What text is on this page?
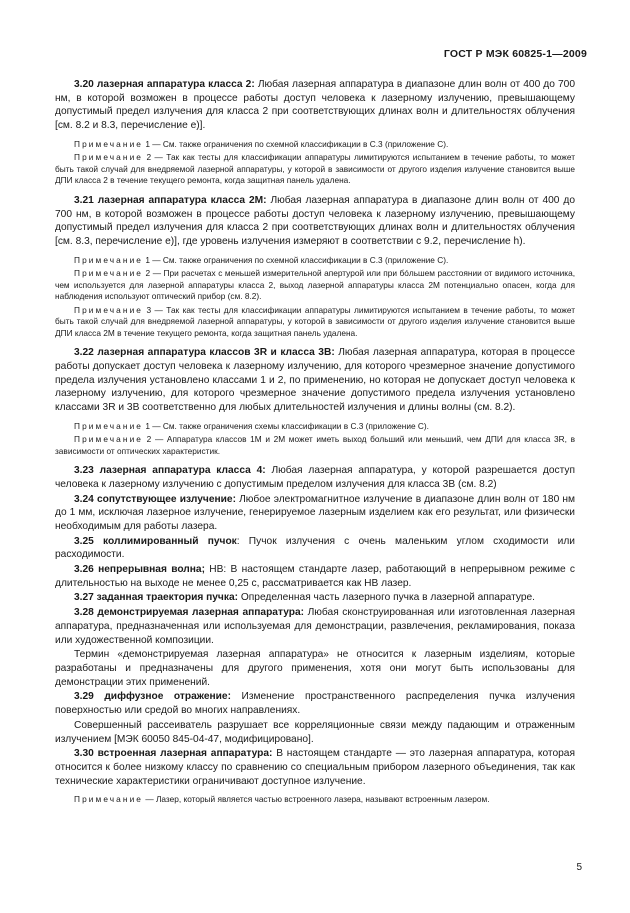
ГОСТ Р МЭК 60825-1—2009

3.20 лазерная аппаратура класса 2: Любая лазерная аппаратура в диапазоне длин волн от 400 до 700 нм, в которой возможен в процессе работы доступ человека к лазерному излучению, превышающему допустимый предел излучения для класса 2 при соответствующих длинах волн и длительностях облучения [см. 8.2 и 8.3, перечисление е)].

Примечание 1 — См. также ограничения по схемной классификации в С.3 (приложение С).

Примечание 2 — Так как тесты для классификации аппаратуры лимитируются испытанием в течение работы, то может быть такой случай для внедряемой лазерной аппаратуры, у которой в зависимости от другого изделия излучение становится выше ДПИ класса 2 в течение текущего ремонта, когда защитная панель удалена.

3.21 лазерная аппаратура класса 2М: Любая лазерная аппаратура в диапазоне длин волн от 400 до 700 нм, в которой возможен в процессе работы доступ человека к лазерному излучению, превышающему допустимый предел излучения для класса 2 при соответствующих длинах волн и длительностях облучения [см. 8.3, перечисление е)], где уровень излучения измеряют в соответствии с 9.2, перечисление h).

Примечание 1 — См. также ограничения по схемной классификации в С.3 (приложение С).

Примечание 2 — При расчетах с меньшей измерительной апертурой или при бóльшем расстоянии от видимого источника, чем используется для лазерной аппаратуры класса 2, выход лазерной аппаратуры класса 2М потенциально опасен, когда для наблюдения используют оптический прибор (см. 8.2).

Примечание 3 — Так как тесты для классификации аппаратуры лимитируются испытанием в течение работы, то может быть такой случай для внедряемой лазерной аппаратуры, у которой в зависимости от другого изделия излучение становится выше ДПИ класса 2М в течение текущего ремонта, когда защитная панель удалена.

3.22 лазерная аппаратура классов 3R и класса 3B: Любая лазерная аппаратура, которая в процессе работы допускает доступ человека к лазерному излучению, для которого чрезмерное значение допустимого предела излучения установлено классами 1 и 2, по применению, но которая не допускает доступ человека к лазерному излучению, для которого чрезмерное значение допустимого предела излучения установлено классами 3R и 3В соответственно для любых длительностей излучения и длины волны (см. 8.2).

Примечание 1 — См. также ограничения схемы классификации в С.3 (приложение С).

Примечание 2 — Аппаратура классов 1М и 2М может иметь выход больший или меньший, чем ДПИ для класса 3R, в зависимости от оптических характеристик.

3.23 лазерная аппаратура класса 4: Любая лазерная аппаратура, у которой разрешается доступ человека к лазерному излучению с допустимым пределом излучения для класса 3В (см. 8.2)

3.24 сопутствующее излучение: Любое электромагнитное излучение в диапазоне длин волн от 180 нм до 1 мм, исключая лазерное излучение, генерируемое лазерным изделием как его результат, или физически необходимым для работы лазера.

3.25 коллимированный пучок: Пучок излучения с очень маленьким углом сходимости или расходимости.

3.26 непрерывная волна; НВ: В настоящем стандарте лазер, работающий в непрерывном режиме с длительностью на выходе не менее 0,25 с, рассматривается как НВ лазер.

3.27 заданная траектория пучка: Определенная часть лазерного пучка в лазерной аппаратуре.

3.28 демонстрируемая лазерная аппаратура: Любая сконструированная или изготовленная лазерная аппаратура, предназначенная или используемая для демонстрации, развлечения, рекламирования, показа или художественной композиции.

Термин «демонстрируемая лазерная аппаратура» не относится к лазерным изделиям, которые разработаны и предназначены для другого применения, хотя они могут быть использованы для демонстрации этих применений.

3.29 диффузное отражение: Изменение пространственного распределения пучка излучения поверхностью или средой во многих направлениях.

Совершенный рассеиватель разрушает все корреляционные связи между падающим и отраженным излучением [МЭК 60050 845-04-47, модифицировано].

3.30 встроенная лазерная аппаратура: В настоящем стандарте — это лазерная аппаратура, которая относится к более низкому классу по сравнению со специальным прибором лазерного объединения, так как технические характеристики ограничивают доступное излучение.

Примечание — Лазер, который является частью встроенного лазера, называют встроенным лазером.

5
